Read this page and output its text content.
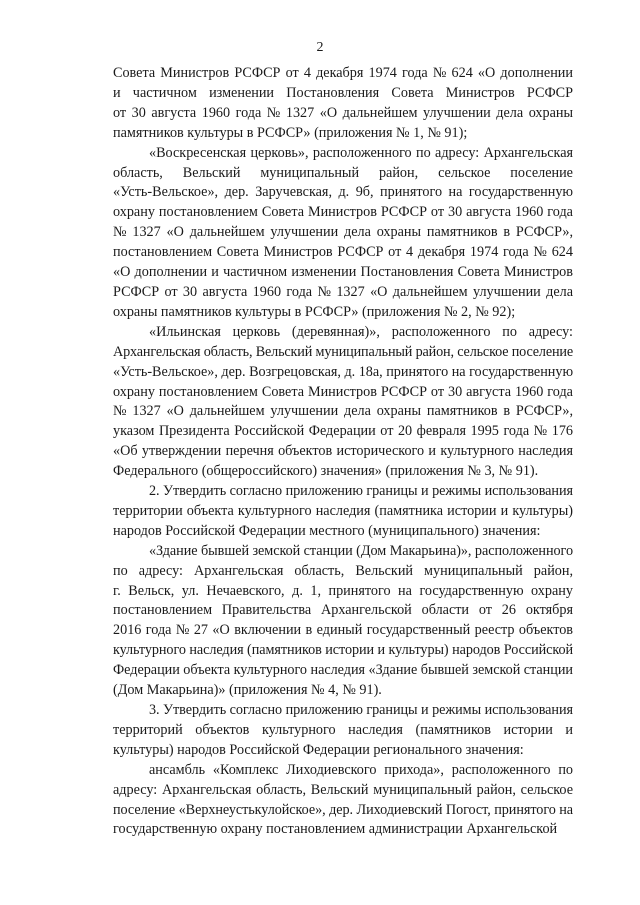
2

Совета Министров РСФСР от 4 декабря 1974 года № 624 «О дополнении
и частичном изменении Постановления Совета Министров РСФСР
от 30 августа 1960 года № 1327 «О дальнейшем улучшении дела охраны
памятников культуры в РСФСР» (приложения № 1, № 91);

«Воскресенская церковь», расположенного по адресу: Архангельская
область, Вельский муниципальный район, сельское поселение
«Усть-Вельское», дер. Заручевская, д. 9б, принятого на государственную
охрану постановлением Совета Министров РСФСР от 30 августа 1960 года
№ 1327 «О дальнейшем улучшении дела охраны памятников в РСФСР»,
постановлением Совета Министров РСФСР от 4 декабря 1974 года № 624
«О дополнении и частичном изменении Постановления Совета Министров
РСФСР от 30 августа 1960 года № 1327 «О дальнейшем улучшении дела
охраны памятников культуры в РСФСР» (приложения № 2, № 92);

«Ильинская церковь (деревянная)», расположенного по адресу:
Архангельская область, Вельский муниципальный район, сельское поселение
«Усть-Вельское», дер. Возгрецовская, д. 18а, принятого на государственную
охрану постановлением Совета Министров РСФСР от 30 августа 1960 года
№ 1327 «О дальнейшем улучшении дела охраны памятников в РСФСР»,
указом Президента Российской Федерации от 20 февраля 1995 года № 176
«Об утверждении перечня объектов исторического и культурного наследия
Федерального (общероссийского) значения» (приложения № 3, № 91).

2. Утвердить согласно приложению границы и режимы использования
территории объекта культурного наследия (памятника истории и культуры)
народов Российской Федерации местного (муниципального) значения:

«Здание бывшей земской станции (Дом Макарьина)», расположенного
по адресу: Архангельская область, Вельский муниципальный район,
г. Вельск, ул. Нечаевского, д. 1, принятого на государственную охрану
постановлением Правительства Архангельской области от 26 октября
2016 года № 27 «О включении в единый государственный реестр объектов
культурного наследия (памятников истории и культуры) народов Российской
Федерации объекта культурного наследия «Здание бывшей земской станции
(Дом Макарьина)» (приложения № 4, № 91).

3. Утвердить согласно приложению границы и режимы использования
территорий объектов культурного наследия (памятников истории и
культуры) народов Российской Федерации регионального значения:

ансамбль «Комплекс Лиходиевского прихода», расположенного по
адресу: Архангельская область, Вельский муниципальный район, сельское
поселение «Верхнеустькулойское», дер. Лиходиевский Погост, принятого на
государственную охрану постановлением администрации Архангельской
